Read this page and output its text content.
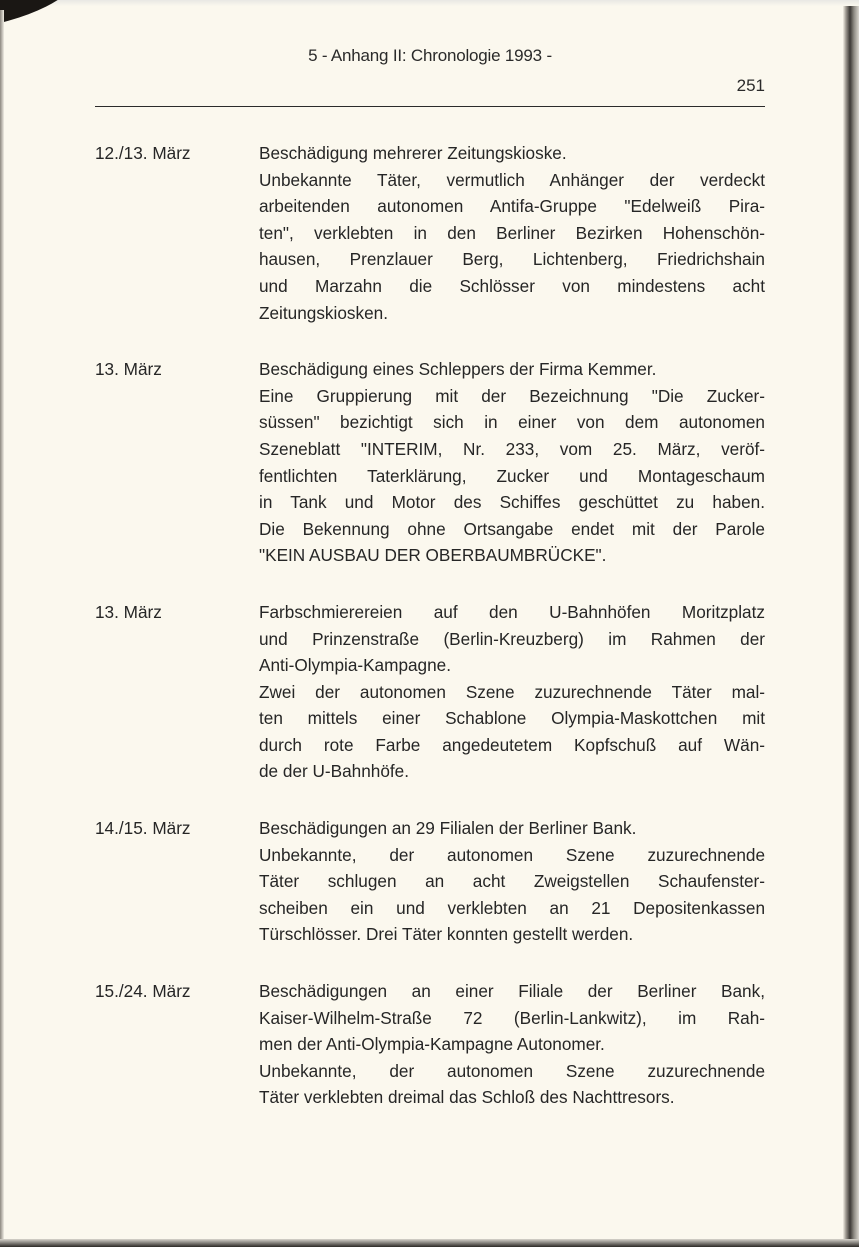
5 - Anhang II: Chronologie 1993 -
251
12./13. März	Beschädigung mehrerer Zeitungskioske.
Unbekannte Täter, vermutlich Anhänger der verdeckt
arbeitenden autonomen Antifa-Gruppe "Edelweiß Pira-
ten", verklebten in den Berliner Bezirken Hohenschön-
hausen, Prenzlauer Berg, Lichtenberg, Friedrichshain
und Marzahn die Schlösser von mindestens acht
Zeitungskiosken.
13. März	Beschädigung eines Schleppers der Firma Kemmer.
Eine Gruppierung mit der Bezeichnung "Die Zucker-
süssen" bezichtigt sich in einer von dem autonomen
Szeneblatt "INTERIM, Nr. 233, vom 25. März, veröf-
fentlichten Taterklärung, Zucker und Montageschaum
in Tank und Motor des Schiffes geschüttet zu haben.
Die Bekennung ohne Ortsangabe endet mit der Parole
"KEIN AUSBAU DER OBERBAUMBRÜCKE".
13. März	Farbschmierereien auf den U-Bahnhöfen Moritzplatz
und Prinzenstraße (Berlin-Kreuzberg) im Rahmen der
Anti-Olympia-Kampagne.
Zwei der autonomen Szene zuzurechnende Täter mal-
ten mittels einer Schablone Olympia-Maskottchen mit
durch rote Farbe angedeutetem Kopfschuß auf Wän-
de der U-Bahnhöfe.
14./15. März	Beschädigungen an 29 Filialen der Berliner Bank.
Unbekannte, der autonomen Szene zuzurechnende
Täter schlugen an acht Zweigstellen Schaufenster-
scheiben ein und verklebten an 21 Depositenkassen
Türschlösser. Drei Täter konnten gestellt werden.
15./24. März	Beschädigungen an einer Filiale der Berliner Bank,
Kaiser-Wilhelm-Straße 72 (Berlin-Lankwitz), im Rah-
men der Anti-Olympia-Kampagne Autonomer.
Unbekannte, der autonomen Szene zuzurechnende
Täter verklebten dreimal das Schloß des Nachttresors.
